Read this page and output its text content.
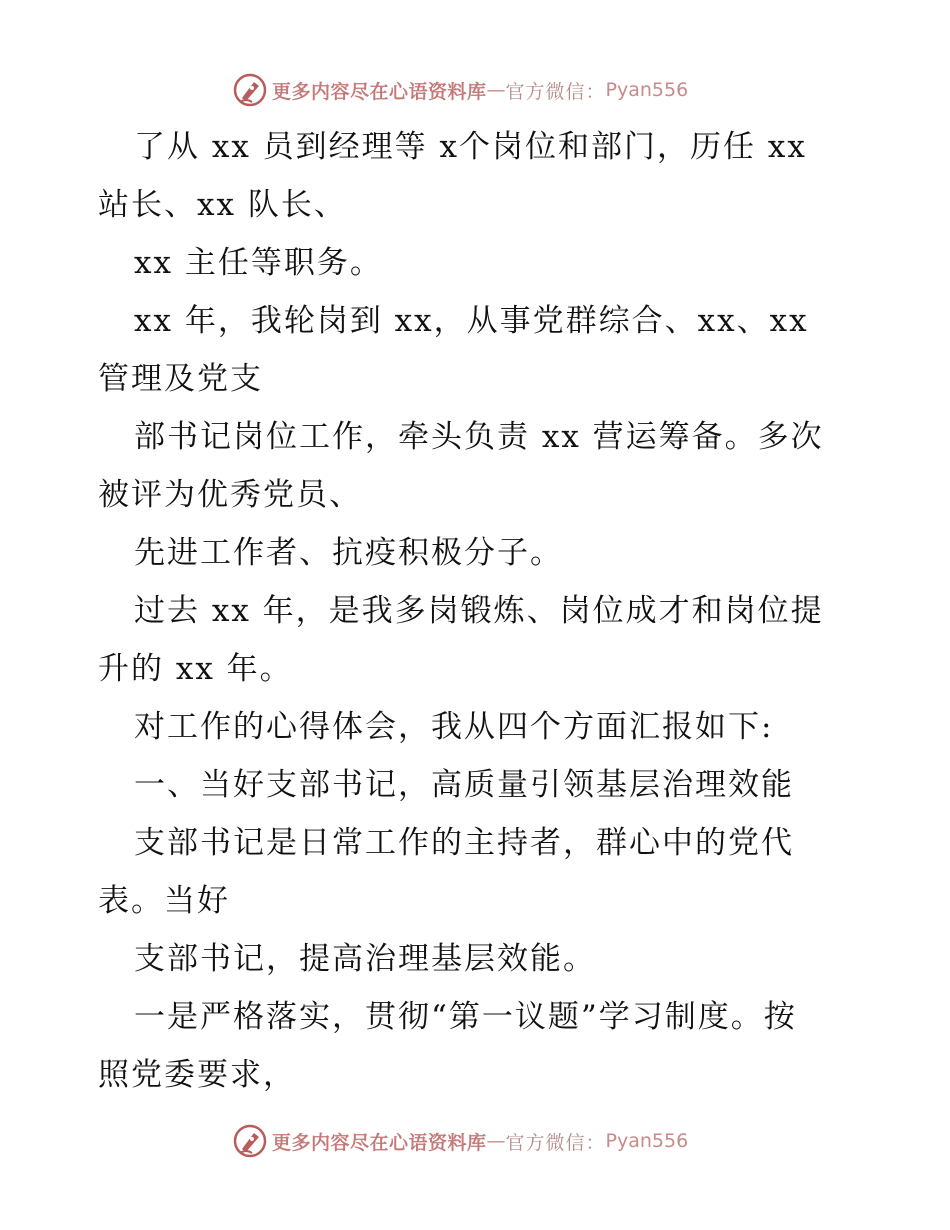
更多内容尽在心语资料库 — 官方微信： Pyan556
了从 xx 员到经理等 x个岗位和部门，历任 xx
站长、xx 队长、
xx 主任等职务。
xx 年，我轮岗到 xx，从事党群综合、xx、xx
管理及党支
部书记岗位工作，牵头负责 xx 营运筹备。多次
被评为优秀党员、
先进工作者、抗疫积极分子。
过去 xx 年，是我多岗锻炼、岗位成才和岗位提
升的 xx 年。
对工作的心得体会，我从四个方面汇报如下:
一、当好支部书记，高质量引领基层治理效能
支部书记是日常工作的主持者，群心中的党代
表。当好
支部书记，提高治理基层效能。
一是严格落实，贯彻“第一议题”学习制度。按
照党委要求，
更多内容尽在心语资料库 — 官方微信： Pyan556
